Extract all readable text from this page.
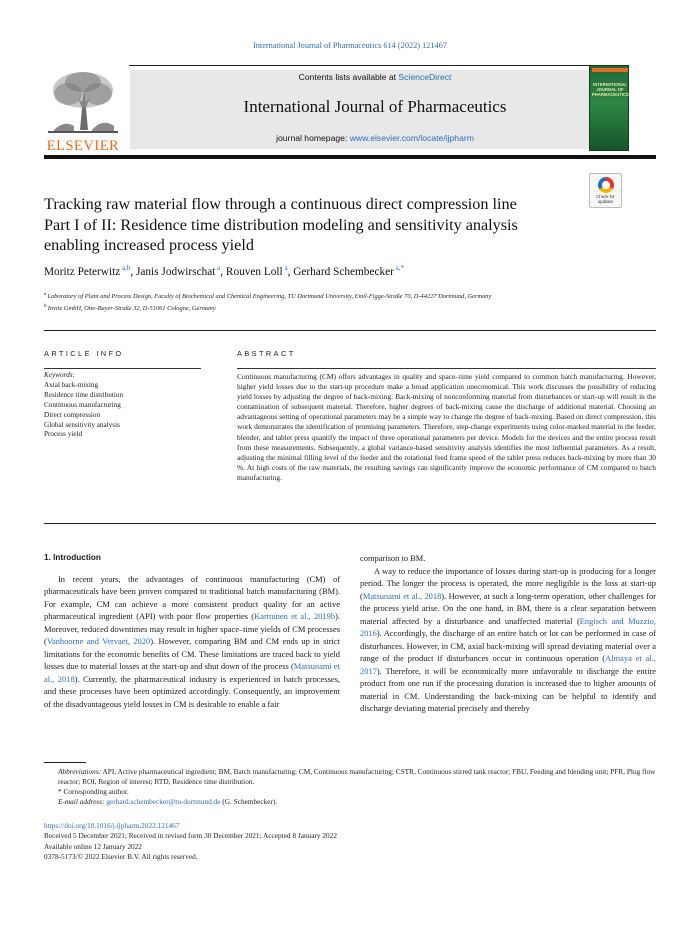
International Journal of Pharmaceutics 614 (2022) 121467
ELSEVIER
Contents lists available at ScienceDirect
International Journal of Pharmaceutics
journal homepage: www.elsevier.com/locate/ijpharm
INTERNATIONAL JOURNAL OF PHARMACEUTICS
Check for updates
Tracking raw material flow through a continuous direct compression line
Part I of II: Residence time distribution modeling and sensitivity analysis
enabling increased process yield
Moritz Peterwitz $^{a,b}$, Janis Jodwirschat $^a$, Rouven Loll $^a$, Gerhard Schembecker $^{a,*}$
$^a$ Laboratory of Plant and Process Design, Faculty of Biochemical and Chemical Engineering, TU Dortmund University, Emil-Figge-Straße 70, D-44227 Dortmund, Germany
$^b$ Invite GmbH, Otto-Bayer-Straße 32, D-51061 Cologne, Germany
ARTICLE INFO	ABSTRACT
Keywords:
Axial back-mixing
Residence time distribution
Continuous manufacturing
Direct compression
Global sensitivity analysis
Process yield
Continuous manufacturing (CM) offers advantages in quality and space–time yield compared to common batch manufacturing. However, higher yield losses due to the start-up procedure make a broad application uneconomical. This work discusses the possibility of reducing yield losses by adjusting the degree of back-mixing. Back-mixing of nonconforming material from disturbances or start-up will result in the contamination of subsequent material. Therefore, higher degrees of back-mixing cause the discharge of additional material. Choosing an advantageous setting of operational parameters may be a simple way to change the degree of back-mixing. Based on direct compression, this work demonstrates the identification of promising parameters. Therefore, step-change experiments using color-marked material in the feeder, blender, and tablet press quantify the impact of three operational parameters per device. Models for the devices and the entire process result from these measurements. Subsequently, a global variance-based sensitivity analysis identifies the most influential parameters. As a result, adjusting the minimal filling level of the feeder and the rotational feed frame speed of the tablet press reduces back-mixing by more than 30 %. At high costs of the raw materials, the resulting savings can significantly improve the economic performance of CM compared to batch manufacturing.
1. Introduction

In recent years, the advantages of continuous manufacturing (CM) of pharmaceuticals have been proven compared to traditional batch manufacturing (BM). For example, CM can achieve a more consistent product quality for an active pharmaceutical ingredient (API) with poor flow properties (Karttunen et al., 2019b). Moreover, reduced downtimes may result in higher space–time yields of CM processes (Vanhoorne and Vervaet, 2020). However, comparing BM and CM ends up in strict limitations for the economic benefits of CM. These limitations are traced back to yield losses due to material losses at the start-up and shut down of the process (Matsunami et al., 2018). Currently, the pharmaceutical industry is experienced in batch processes, and these processes have been optimized accordingly. Consequently, an improvement of the disadvantageous yield losses in CM is desirable to enable a fair

comparison to BM.

A way to reduce the importance of losses during start-up is producing for a longer period. The longer the process is operated, the more negligible is the loss at start-up (Matsunami et al., 2018). However, at such a long-term operation, other challenges for the process yield arise. On the one hand, in BM, there is a clear separation between material affected by a disturbance and unaffected material (Engisch and Muzzio, 2016). Accordingly, the discharge of an entire batch or lot can be performed in case of disturbances. However, in CM, axial back-mixing will spread deviating material over a range of the product if disturbances occur in continuous operation (Almaya et al., 2017). Therefore, it will be economically more unfavorable to discharge the entire product from one run if the processing duration is increased due to higher amounts of material in CM. Understanding the back-mixing can be helpful to identify and discharge deviating material precisely and thereby

Abbreviations: API, Active pharmaceutical ingredient; BM, Batch manufacturing; CM, Continuous manufacturing; CSTR, Continuous stirred tank reactor; FBU, Feeding and blending unit; PFR, Plug flow reactor; ROI, Region of interest; RTD, Residence time distribution.
* Corresponding author.
E-mail address: gerhard.schembecker@tu-dortmund.de (G. Schembecker).
https://doi.org/10.1016/j.ijpharm.2022.121467
Received 5 December 2021; Received in revised form 30 December 2021; Accepted 8 January 2022
Available online 12 January 2022
0378-5173/© 2022 Elsevier B.V. All rights reserved.
